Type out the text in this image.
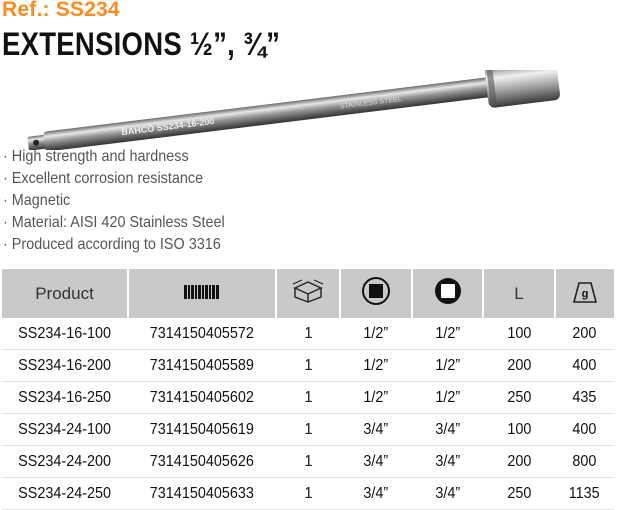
Ref.: SS234
EXTENSIONS ½”, ¾”
BAHCO SS234-16-200
STAINLESS STEEL
· High strength and hardness
· Excellent corrosion resistance
· Magnetic
· Material: AISI 420 Stainless Steel
· Produced according to ISO 3316
Product					L	g

SS234-16-100	7314150405572	1	1/2”	1/2”	100	200
SS234-16-200	7314150405589	1	1/2”	1/2”	200	400
SS234-16-250	7314150405602	1	1/2”	1/2”	250	435
SS234-24-100	7314150405619	1	3/4”	3/4”	100	400
SS234-24-200	7314150405626	1	3/4”	3/4”	200	800
SS234-24-250	7314150405633	1	3/4”	3/4”	250	1135
